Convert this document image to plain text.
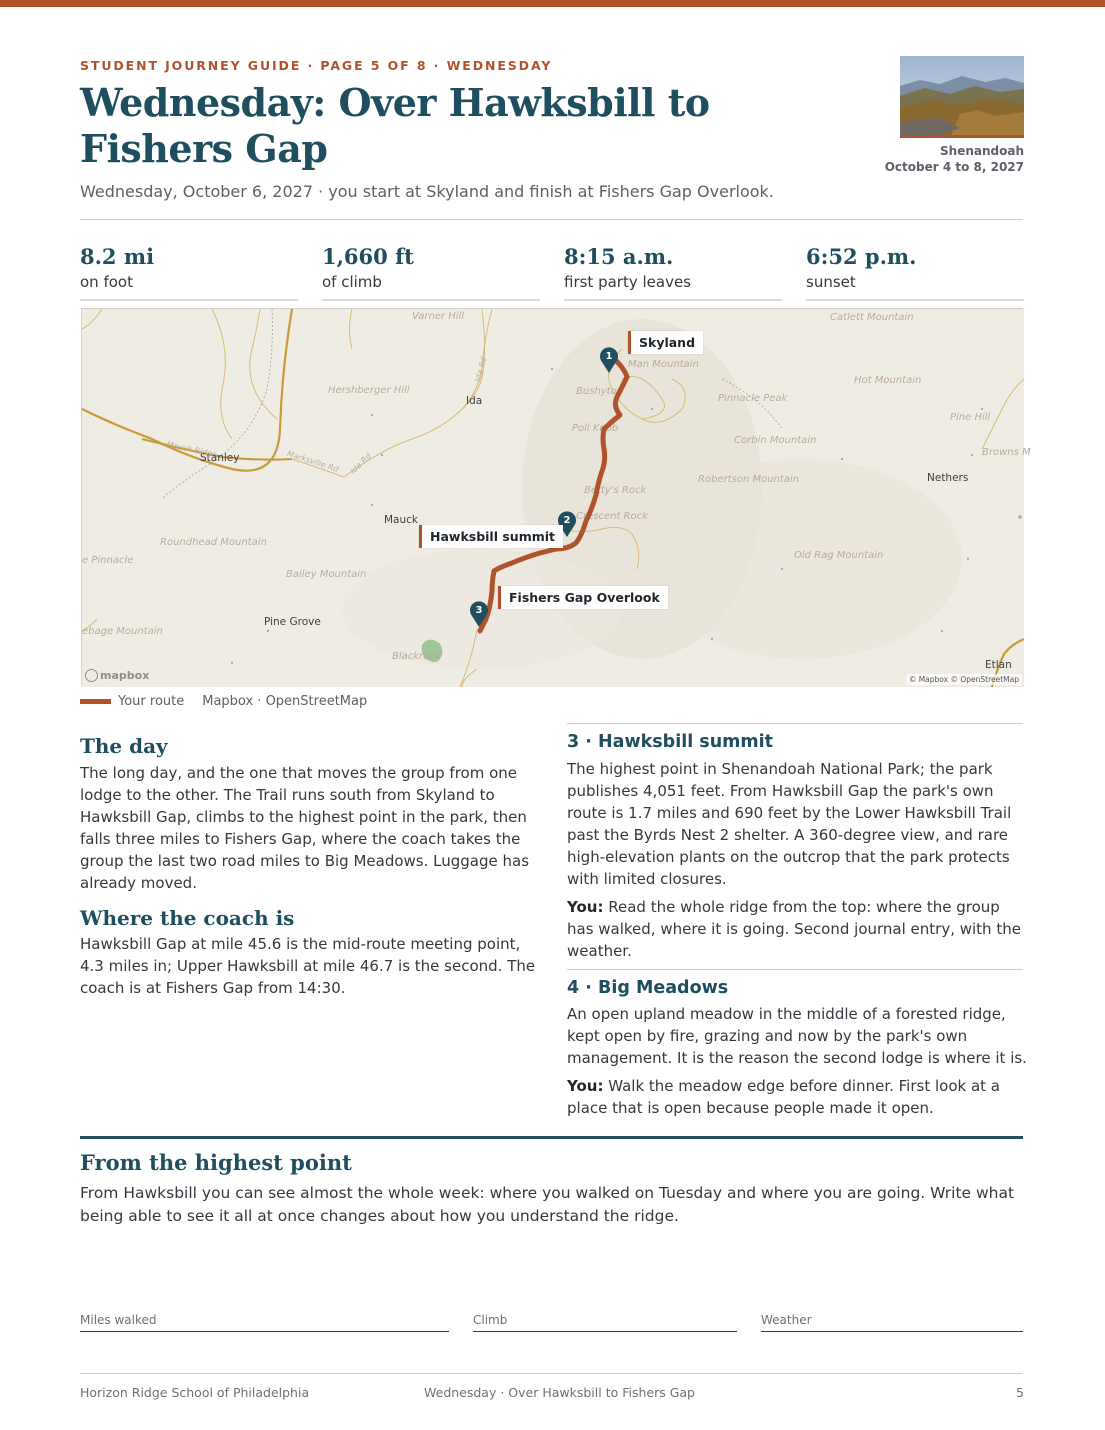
STUDENT JOURNEY GUIDE · PAGE 5 OF 8 · WEDNESDAY
Wednesday: Over Hawksbill to Fishers Gap
Wednesday, October 6, 2027 · you start at Skyland and finish at Fishers Gap Overlook.
Shenandoah
October 4 to 8, 2027
8.2 mi
on foot
1,660 ft
of climb
8:15 a.m.
first party leaves
6:52 p.m.
sunset
Varner Hill
Hershberger Hill
Ida
Stanley
Mauck
Roundhead Mountain
e Pinnacle
Bailey Mountain
Pine Grove
ebage Mountain
Blackrock
Catlett Mountain
Man Mountain
Bushytop
Hot Mountain
Pinnacle Peak
Pine Hill
Corbin Mountain
Browns M
Poll Knob
Robertson Mountain	Nethers
Betty's Rock
Crescent Rock
Old Rag Mountain
Etlan
Ida Rd
Marksville Rd Ida Rd
Mauck Ridge
1
2
3
Skyland
Hawksbill summit
Fishers Gap Overlook
mapbox	© Mapbox © OpenStreetMap
Your route Mapbox · OpenStreetMap
The day
The long day, and the one that moves the group from one lodge to the other. The Trail runs south from Skyland to Hawksbill Gap, climbs to the highest point in the park, then falls three miles to Fishers Gap, where the coach takes the group the last two road miles to Big Meadows. Luggage has already moved.
Where the coach is
Hawksbill Gap at mile 45.6 is the mid-route meeting point, 4.3 miles in; Upper Hawksbill at mile 46.7 is the second. The coach is at Fishers Gap from 14:30.
3 · Hawksbill summit
The highest point in Shenandoah National Park; the park publishes 4,051 feet. From Hawksbill Gap the park's own route is 1.7 miles and 690 feet by the Lower Hawksbill Trail past the Byrds Nest 2 shelter. A 360-degree view, and rare high-elevation plants on the outcrop that the park protects with limited closures.
You: Read the whole ridge from the top: where the group has walked, where it is going. Second journal entry, with the weather.
4 · Big Meadows
An open upland meadow in the middle of a forested ridge, kept open by fire, grazing and now by the park's own management. It is the reason the second lodge is where it is.
You: Walk the meadow edge before dinner. First look at a place that is open because people made it open.
From the highest point
From Hawksbill you can see almost the whole week: where you walked on Tuesday and where you are going. Write what being able to see it all at once changes about how you understand the ridge.
Miles walked	Climb	Weather
Horizon Ridge School of Philadelphia	Wednesday · Over Hawksbill to Fishers Gap	5
